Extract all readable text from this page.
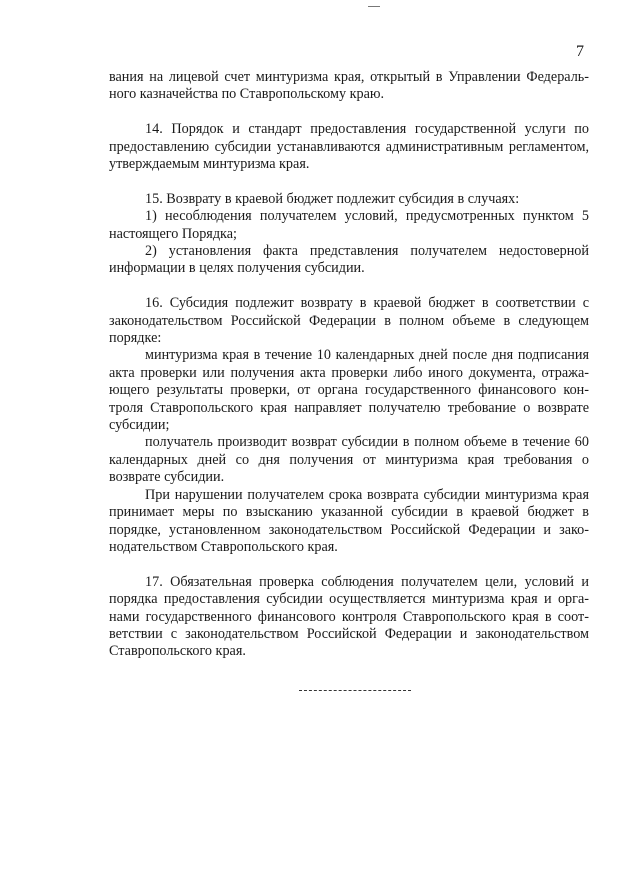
7

вания на лицевой счет минтуризма края, открытый в Управлении Федерального казначейства по Ставропольскому краю.

14. Порядок и стандарт предоставления государственной услуги по предоставлению субсидии устанавливаются административным регламентом, утверждаемым минтуризма края.

15. Возврату в краевой бюджет подлежит субсидия в случаях:

1) несоблюдения получателем условий, предусмотренных пунктом 5 настоящего Порядка;

2) установления факта представления получателем недостоверной информации в целях получения субсидии.

16. Субсидия подлежит возврату в краевой бюджет в соответствии с законодательством Российской Федерации в полном объеме в следующем порядке:

минтуризма края в течение 10 календарных дней после дня подписания акта проверки или получения акта проверки либо иного документа, отражающего результаты проверки, от органа государственного финансового контроля Ставропольского края направляет получателю требование о возврате субсидии;

получатель производит возврат субсидии в полном объеме в течение 60 календарных дней со дня получения от минтуризма края требования о возврате субсидии.

При нарушении получателем срока возврата субсидии минтуризма края принимает меры по взысканию указанной субсидии в краевой бюджет в порядке, установленном законодательством Российской Федерации и законодательством Ставропольского края.

17. Обязательная проверка соблюдения получателем цели, условий и порядка предоставления субсидии осуществляется минтуризма края и органами государственного финансового контроля Ставропольского края в соответствии с законодательством Российской Федерации и законодательством Ставропольского края.
